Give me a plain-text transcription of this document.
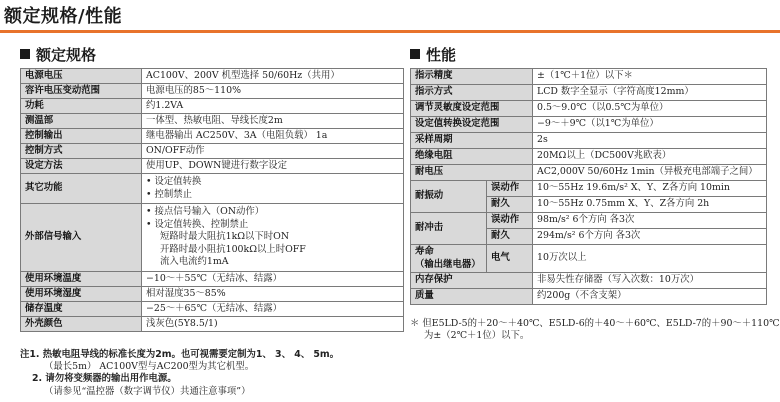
额定规格/性能
额定规格	性能
电源电压	AC100V、200V 机型选择 50/60Hz（共用）
容许电压变动范围	电源电压的85～110%
功耗	约1.2VA
测温部	一体型、热敏电阻、导线长度2m
控制输出	继电器输出 AC250V、3A（电阻负载） 1a
控制方式	ON/OFF动作
设定方法	使用UP、DOWN键进行数字设定
其它功能	• 设定值转换
• 控制禁止

外部信号输入	• 接点信号输入（ON动作）
• 设定值转换、控制禁止
短路时最大阻抗1kΩ以下时ON
开路时最小阻抗100kΩ以上时OFF
流入电流约1mA

使用环境温度	−10～＋55℃（无结冰、结露）
使用环境湿度	相对湿度35～85%
储存温度	−25～＋65℃（无结冰、结露）
外壳颜色	浅灰色(5Y8.5/1)
注1. 热敏电阻导线的标准长度为2m。也可视需要定制为1、 3、 4、 5m。
（最长5m） AC100V型与AC200型为其它机型。
2. 请勿将变频器的输出用作电源。
（请参见“温控器（数字调节仪）共通注意事项”）
指示精度		±（1℃＋1位）以下＊
指示方式		LCD 数字全显示（字符高度12mm）
调节灵敏度设定范围		0.5～9.0℃（以0.5℃为单位）
设定值转换设定范围		−9～＋9℃（以1℃为单位）
采样周期		2s
绝缘电阻		20MΩ以上（DC500V兆欧表）
耐电压		AC2,000V 50/60Hz 1min（异极充电部端子之间）
耐振动	误动作	10～55Hz 19.6m/s² X、Y、Z各方向 10min
	耐久	10～55Hz 0.75mm X、Y、Z各方向 2h
耐冲击	误动作	98m/s² 6个方向 各3次
	耐久	294m/s² 6个方向 各3次

寿命
（输出继电器）	电气	10万次以上
内存保护		非易失性存储器（写入次数：10万次）
质量		约200g（不含支架）
＊ 但E5LD-5的＋20～＋40℃、E5LD-6的＋40～＋60℃、E5LD-7的＋90～＋110℃
为±（2℃＋1位）以下。
